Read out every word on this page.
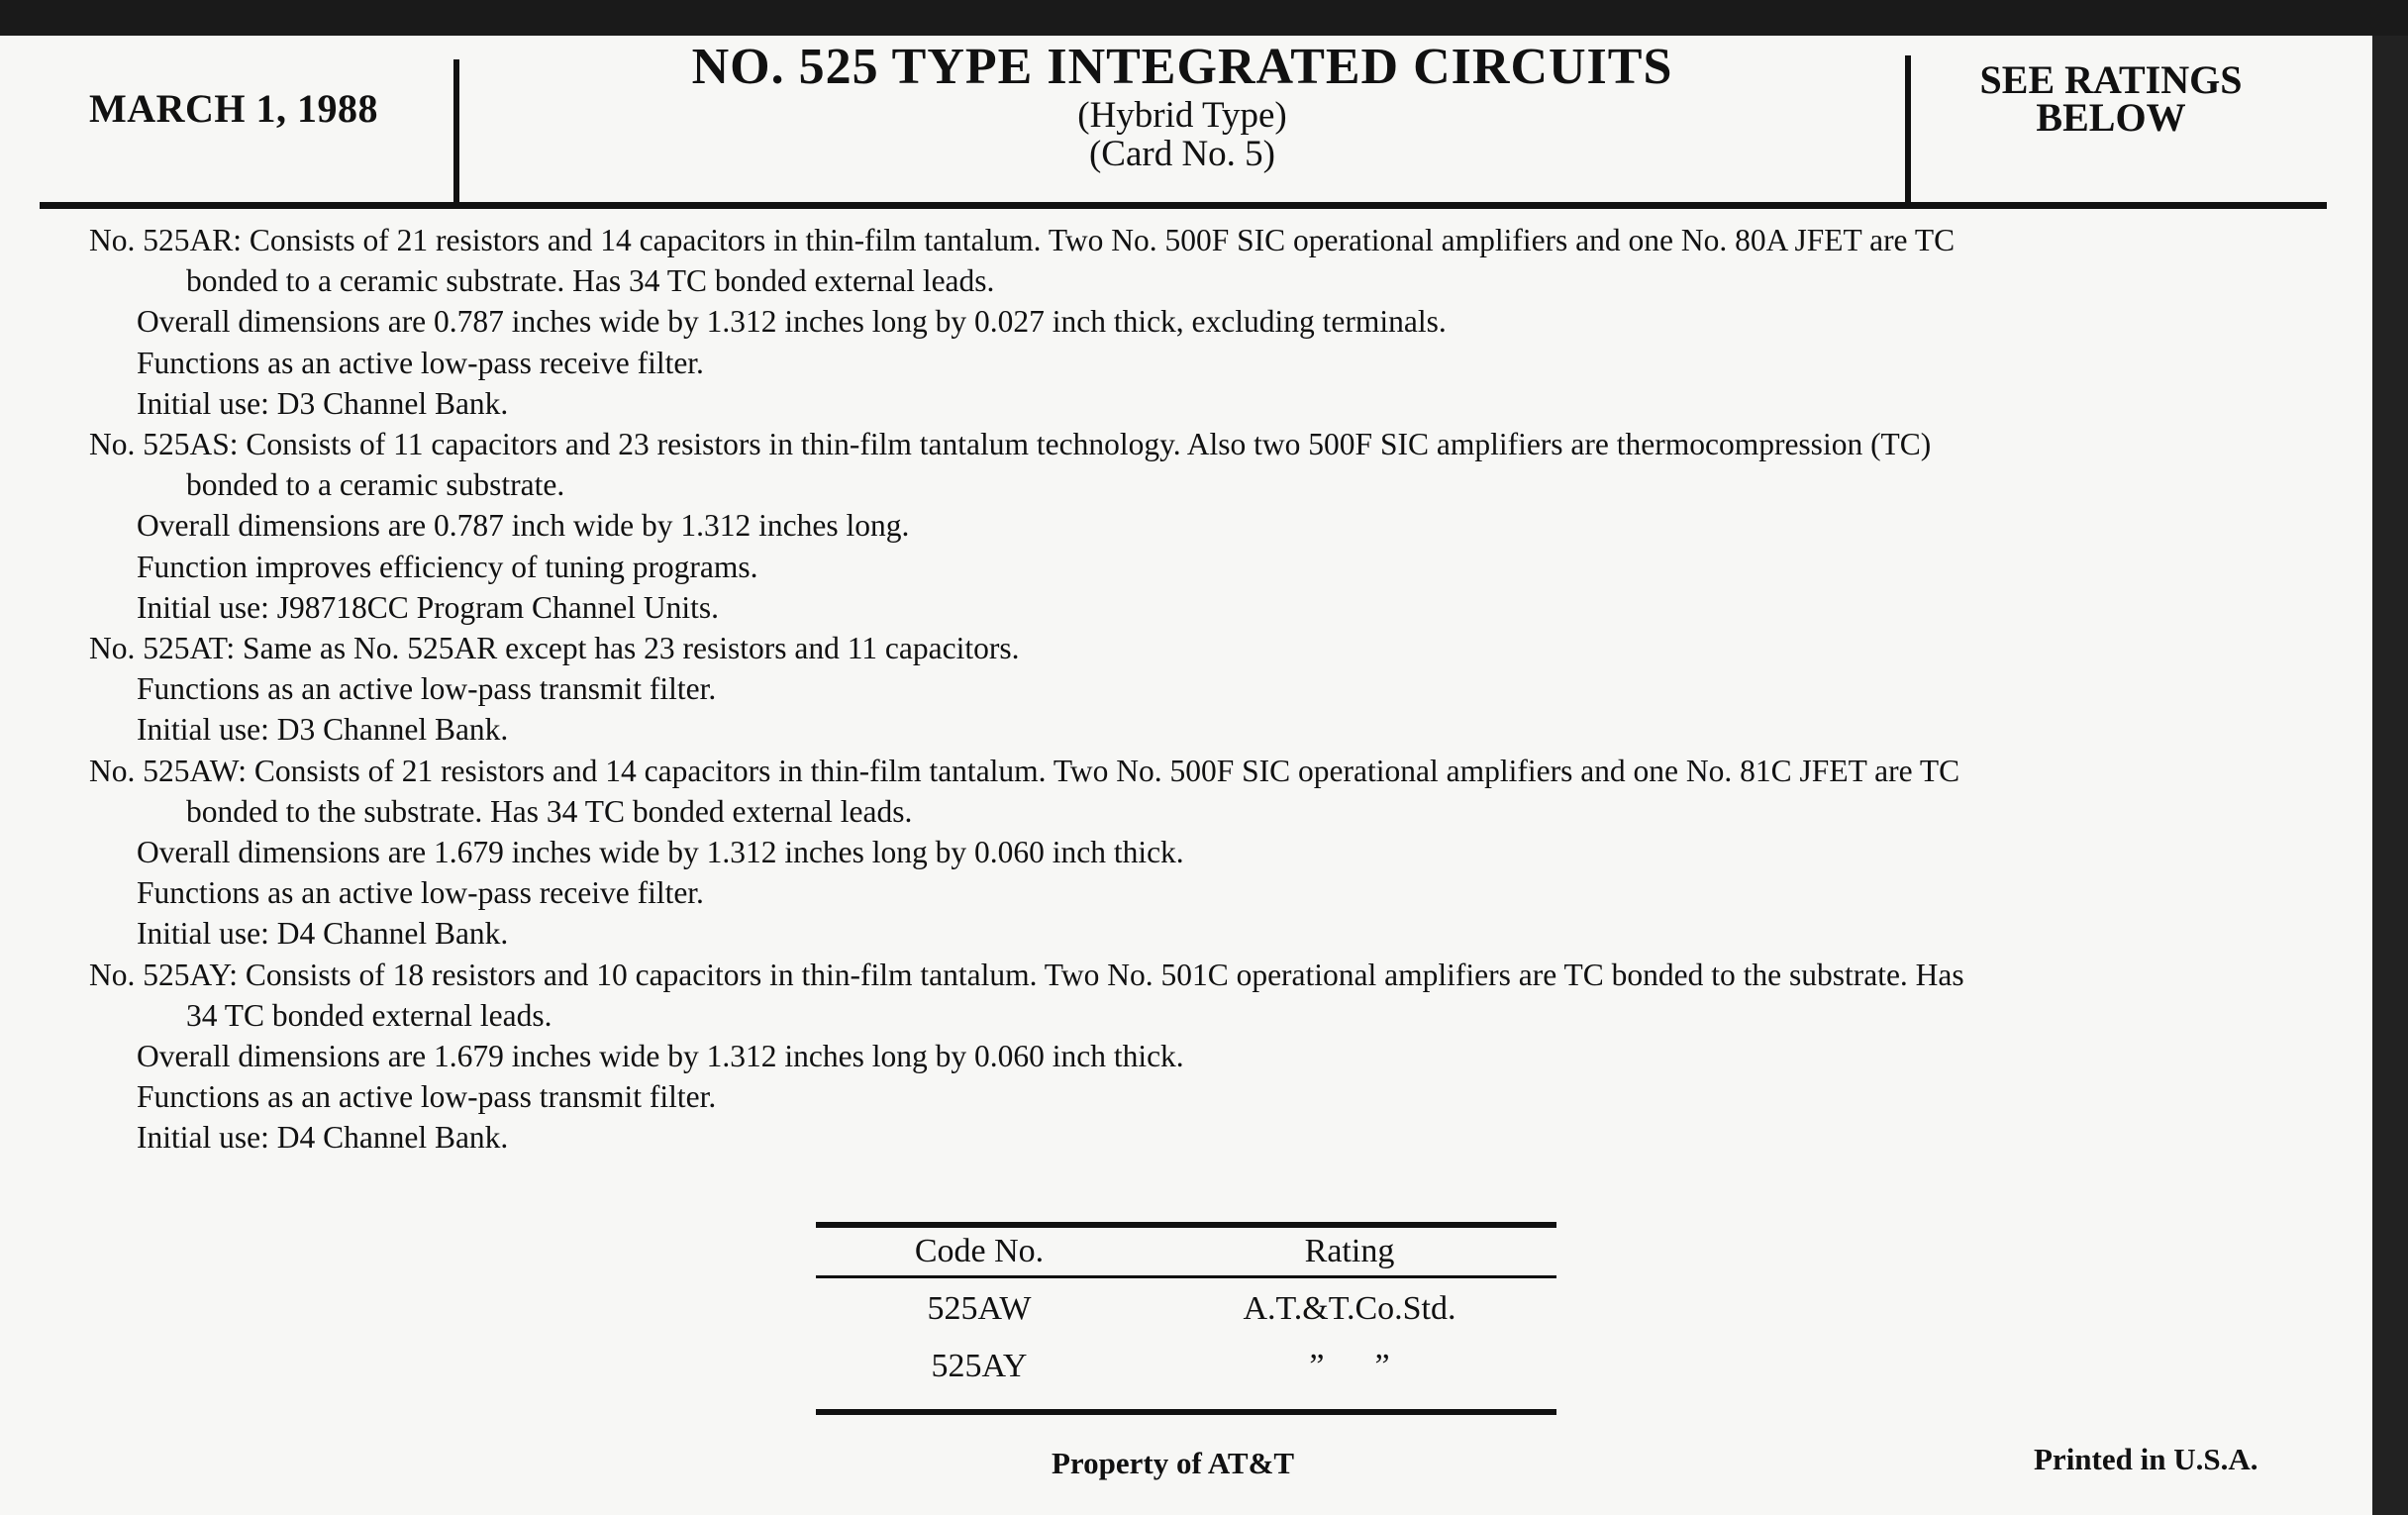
MARCH 1, 1988
NO. 525 TYPE INTEGRATED CIRCUITS
(Hybrid Type)
(Card No. 5)
SEE RATINGS
BELOW
No. 525AR: Consists of 21 resistors and 14 capacitors in thin-film tantalum. Two No. 500F SIC operational amplifiers and one No. 80A JFET are TC
bonded to a ceramic substrate. Has 34 TC bonded external leads.
Overall dimensions are 0.787 inches wide by 1.312 inches long by 0.027 inch thick, excluding terminals.
Functions as an active low-pass receive filter.
Initial use: D3 Channel Bank.
No. 525AS: Consists of 11 capacitors and 23 resistors in thin-film tantalum technology. Also two 500F SIC amplifiers are thermocompression (TC)
bonded to a ceramic substrate.
Overall dimensions are 0.787 inch wide by 1.312 inches long.
Function improves efficiency of tuning programs.
Initial use: J98718CC Program Channel Units.
No. 525AT: Same as No. 525AR except has 23 resistors and 11 capacitors.
Functions as an active low-pass transmit filter.
Initial use: D3 Channel Bank.
No. 525AW: Consists of 21 resistors and 14 capacitors in thin-film tantalum. Two No. 500F SIC operational amplifiers and one No. 81C JFET are TC
bonded to the substrate. Has 34 TC bonded external leads.
Overall dimensions are 1.679 inches wide by 1.312 inches long by 0.060 inch thick.
Functions as an active low-pass receive filter.
Initial use: D4 Channel Bank.
No. 525AY: Consists of 18 resistors and 10 capacitors in thin-film tantalum. Two No. 501C operational amplifiers are TC bonded to the substrate. Has
34 TC bonded external leads.
Overall dimensions are 1.679 inches wide by 1.312 inches long by 0.060 inch thick.
Functions as an active low-pass transmit filter.
Initial use: D4 Channel Bank.
Code No.	Rating
525AW	A.T.&T.Co.Std.
525AY	”      ”
Property of AT&T	Printed in U.S.A.
